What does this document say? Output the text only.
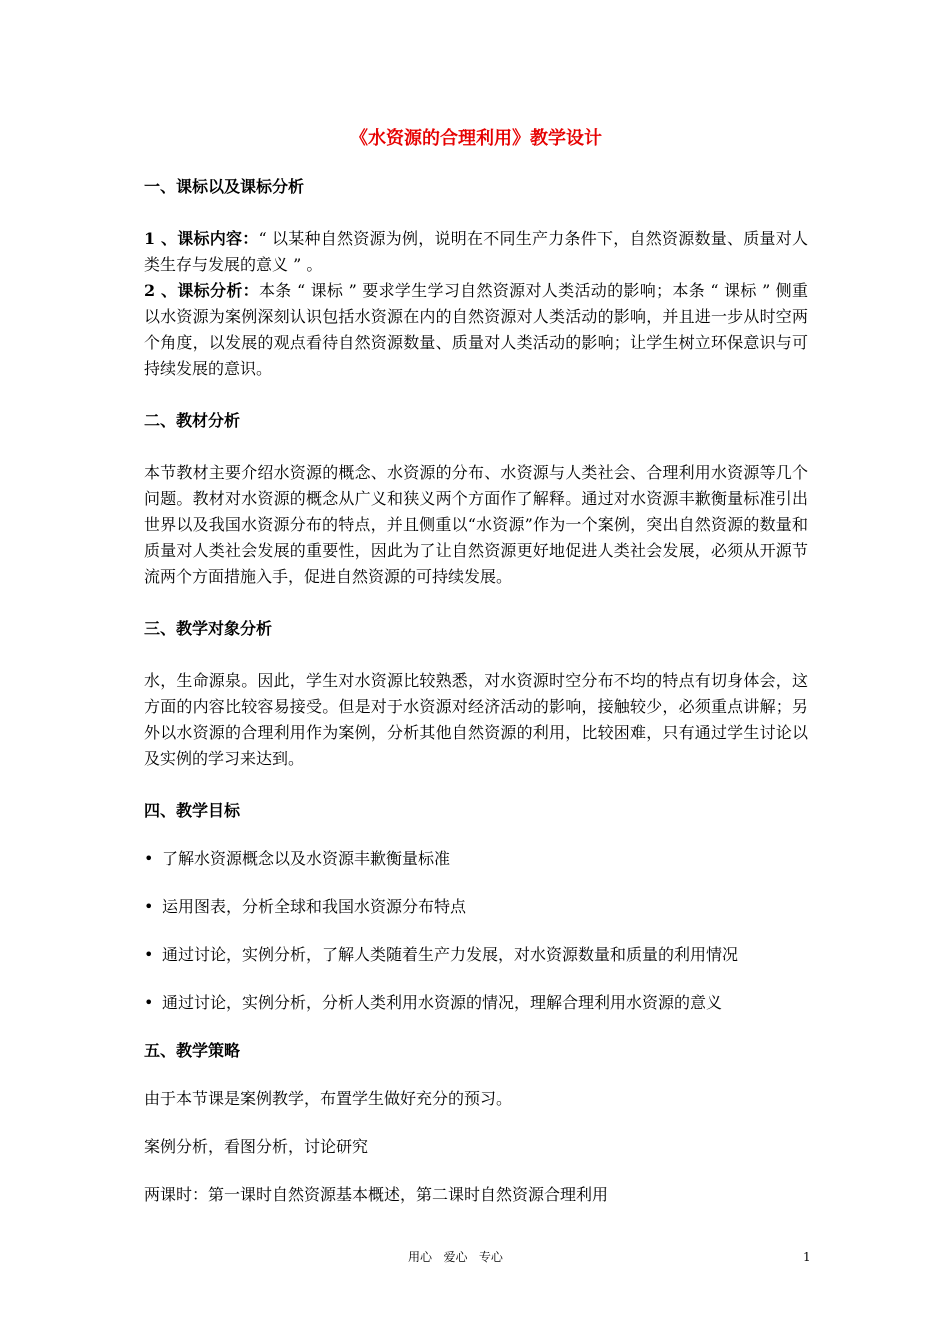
《水资源的合理利用》教学设计

一、课标以及课标分析

1 、课标内容：“ 以某种自然资源为例，说明在不同生产力条件下，自然资源数量、质量对人类生存与发展的意义 ” 。

2 、课标分析：本条 “ 课标 ” 要求学生学习自然资源对人类活动的影响；本条 “ 课标 ” 侧重以水资源为案例深刻认识包括水资源在内的自然资源对人类活动的影响，并且进一步从时空两个角度，以发展的观点看待自然资源数量、质量对人类活动的影响；让学生树立环保意识与可持续发展的意识。

二、教材分析

本节教材主要介绍水资源的概念、水资源的分布、水资源与人类社会、合理利用水资源等几个问题。教材对水资源的概念从广义和狭义两个方面作了解释。通过对水资源丰歉衡量标准引出世界以及我国水资源分布的特点，并且侧重以“水资源”作为一个案例，突出自然资源的数量和质量对人类社会发展的重要性，因此为了让自然资源更好地促进人类社会发展，必须从开源节流两个方面措施入手，促进自然资源的可持续发展。

三、教学对象分析

水，生命源泉。因此，学生对水资源比较熟悉，对水资源时空分布不均的特点有切身体会，这方面的内容比较容易接受。但是对于水资源对经济活动的影响，接触较少，必须重点讲解；另外以水资源的合理利用作为案例，分析其他自然资源的利用，比较困难，只有通过学生讨论以及实例的学习来达到。

四、教学目标

• 了解水资源概念以及水资源丰歉衡量标准

• 运用图表，分析全球和我国水资源分布特点

• 通过讨论，实例分析，了解人类随着生产力发展，对水资源数量和质量的利用情况

• 通过讨论，实例分析，分析人类利用水资源的情况，理解合理利用水资源的意义

五、教学策略

由于本节课是案例教学，布置学生做好充分的预习。

案例分析，看图分析，讨论研究

两课时：第一课时自然资源基本概述，第二课时自然资源合理利用

用心   爱心   专心	1
